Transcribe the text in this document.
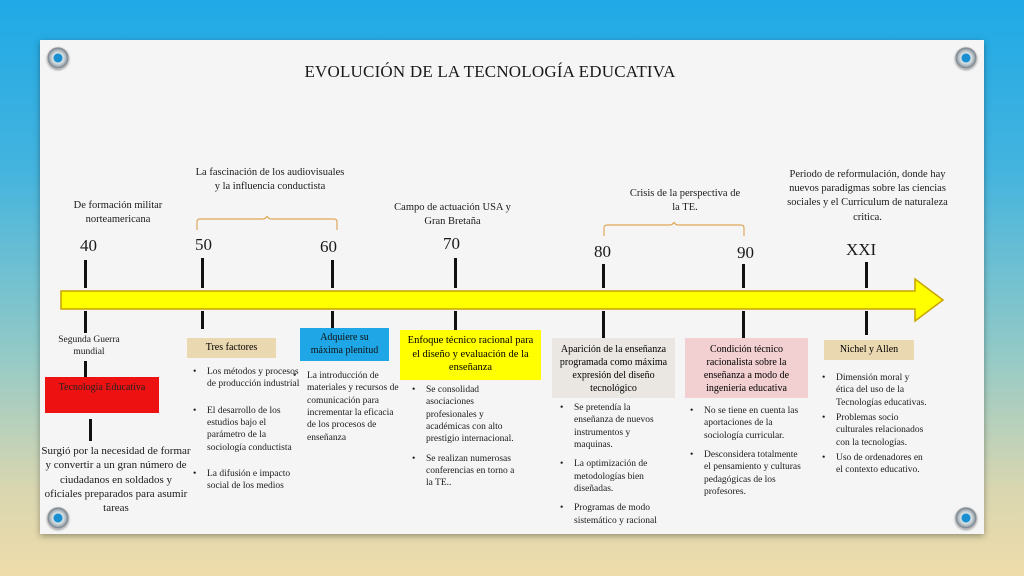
EVOLUCIÓN DE LA TECNOLOGÍA EDUCATIVA
De formación militar norteamericana
La fascinación de los audiovisuales y la influencia conductista
Campo de actuación USA y Gran Bretaña
Crisis de la perspectiva de la TE.
Periodo de reformulación, donde hay nuevos paradigmas sobre las ciencias sociales y el Curriculum de naturaleza critica.
40	50	60	70	80	90	XXI
Segunda Guerra mundial
Tecnología Educativa
Surgió por la necesidad de formar y convertir a un gran número de ciudadanos en soldados y oficiales preparados para asumir tareas
Tres factores
• Los métodos y procesos de producción industrial
• El desarrollo de los estudios bajo el parámetro de la sociología conductista
• La difusión e impacto social de los medios
Adquiere su máxima plenitud
• La introducción de materiales y recursos de comunicación para incrementar la eficacia de los procesos de enseñanza
Enfoque técnico racional para el diseño y evaluación de la enseñanza
• Se consolidad asociaciones profesionales y académicas con alto prestigio internacional.
• Se realizan numerosas conferencias en torno a la TE..
Aparición de la enseñanza programada como máxima expresión del diseño tecnológico
• Se pretendía la enseñanza de nuevos instrumentos y maquinas.
• La optimización de metodologías bien diseñadas.
• Programas de modo sistemático y racional
Condición técnico racionalista sobre la enseñanza a modo de ingeniería educativa
• No se tiene en cuenta las aportaciones de la sociología curricular.
• Desconsidera totalmente el pensamiento y culturas pedagógicas de los profesores.
Nichel y Allen
• Dimensión moral y ética del uso de la Tecnologías educativas.
• Problemas socio culturales relacionados con la tecnologías.
• Uso de ordenadores en el contexto educativo.
